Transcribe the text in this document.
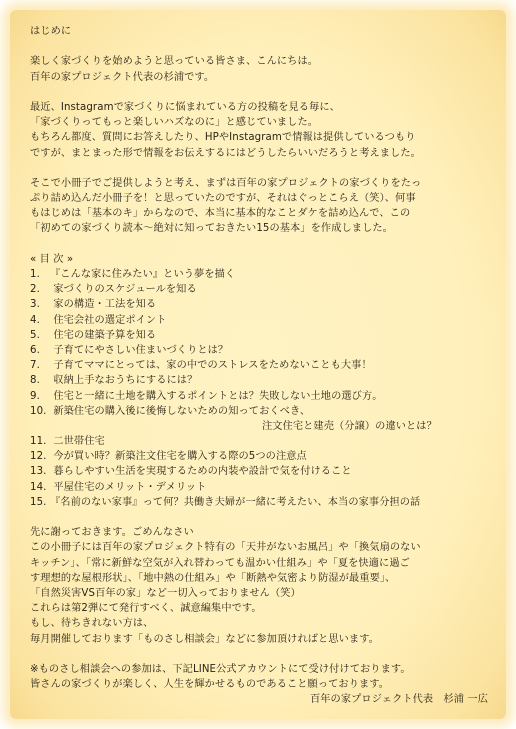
はじめに
楽しく家づくりを始めようと思っている皆さま、こんにちは。
百年の家プロジェクト代表の杉浦です。
最近、Instagramで家づくりに悩まれている方の投稿を見る毎に、
「家づくりってもっと楽しいハズなのに」と感じていました。
もちろん都度、質問にお答えしたり、HPやInstagramで情報は提供しているつもり
ですが、まとまった形で情報をお伝えするにはどうしたらいいだろうと考えました。
そこで小冊子でご提供しようと考え、まずは百年の家プロジェクトの家づくりをたっ
ぷり詰め込んだ小冊子を！と思っていたのですが、それはぐっとこらえ（笑）、何事
もはじめは「基本のキ」からなので、本当に基本的なことダケを詰め込んで、この
「初めての家づくり読本～絶対に知っておきたい15の基本」を作成しました。
« 目 次 »
1. 『こんな家に住みたい』という夢を描く
2. 家づくりのスケジュールを知る
3. 家の構造・工法を知る
4. 住宅会社の選定ポイント
5. 住宅の建築予算を知る
6. 子育てにやさしい住まいづくりとは？
7. 子育てママにとっては、家の中でのストレスをためないことも大事！
8. 収納上手なおうちにするには？
9. 住宅と一緒に土地を購入するポイントとは？失敗しない土地の選び方。
10. 新築住宅の購入後に後悔しないための知っておくべき、
注文住宅と建売（分譲）の違いとは？
11. 二世帯住宅
12. 今が買い時？新築注文住宅を購入する際の5つの注意点
13. 暮らしやすい生活を実現するための内装や設計で気を付けること
14. 平屋住宅のメリット・デメリット
15. 『名前のない家事』って何？共働き夫婦が一緒に考えたい、本当の家事分担の話
先に謝っておきます。ごめんなさい
この小冊子には百年の家プロジェクト特有の「天井がないお風呂」や「換気扇のない
キッチン」、「常に新鮮な空気が入れ替わっても温かい仕組み」や「夏を快適に過ご
す理想的な屋根形状」、「地中熱の仕組み」や「断熱や気密より防湿が最重要」、
「自然災害VS百年の家」など一切入っておりません（笑）
これらは第2弾にて発行すべく、誠意編集中です。
もし、待ちきれない方は、
毎月開催しております「ものさし相談会」などに参加頂ければと思います。
※ものさし相談会への参加は、下記LINE公式アカウントにて受け付けております。
皆さんの家づくりが楽しく、人生を輝かせるものであること願っております。
百年の家プロジェクト代表　杉浦 一広
